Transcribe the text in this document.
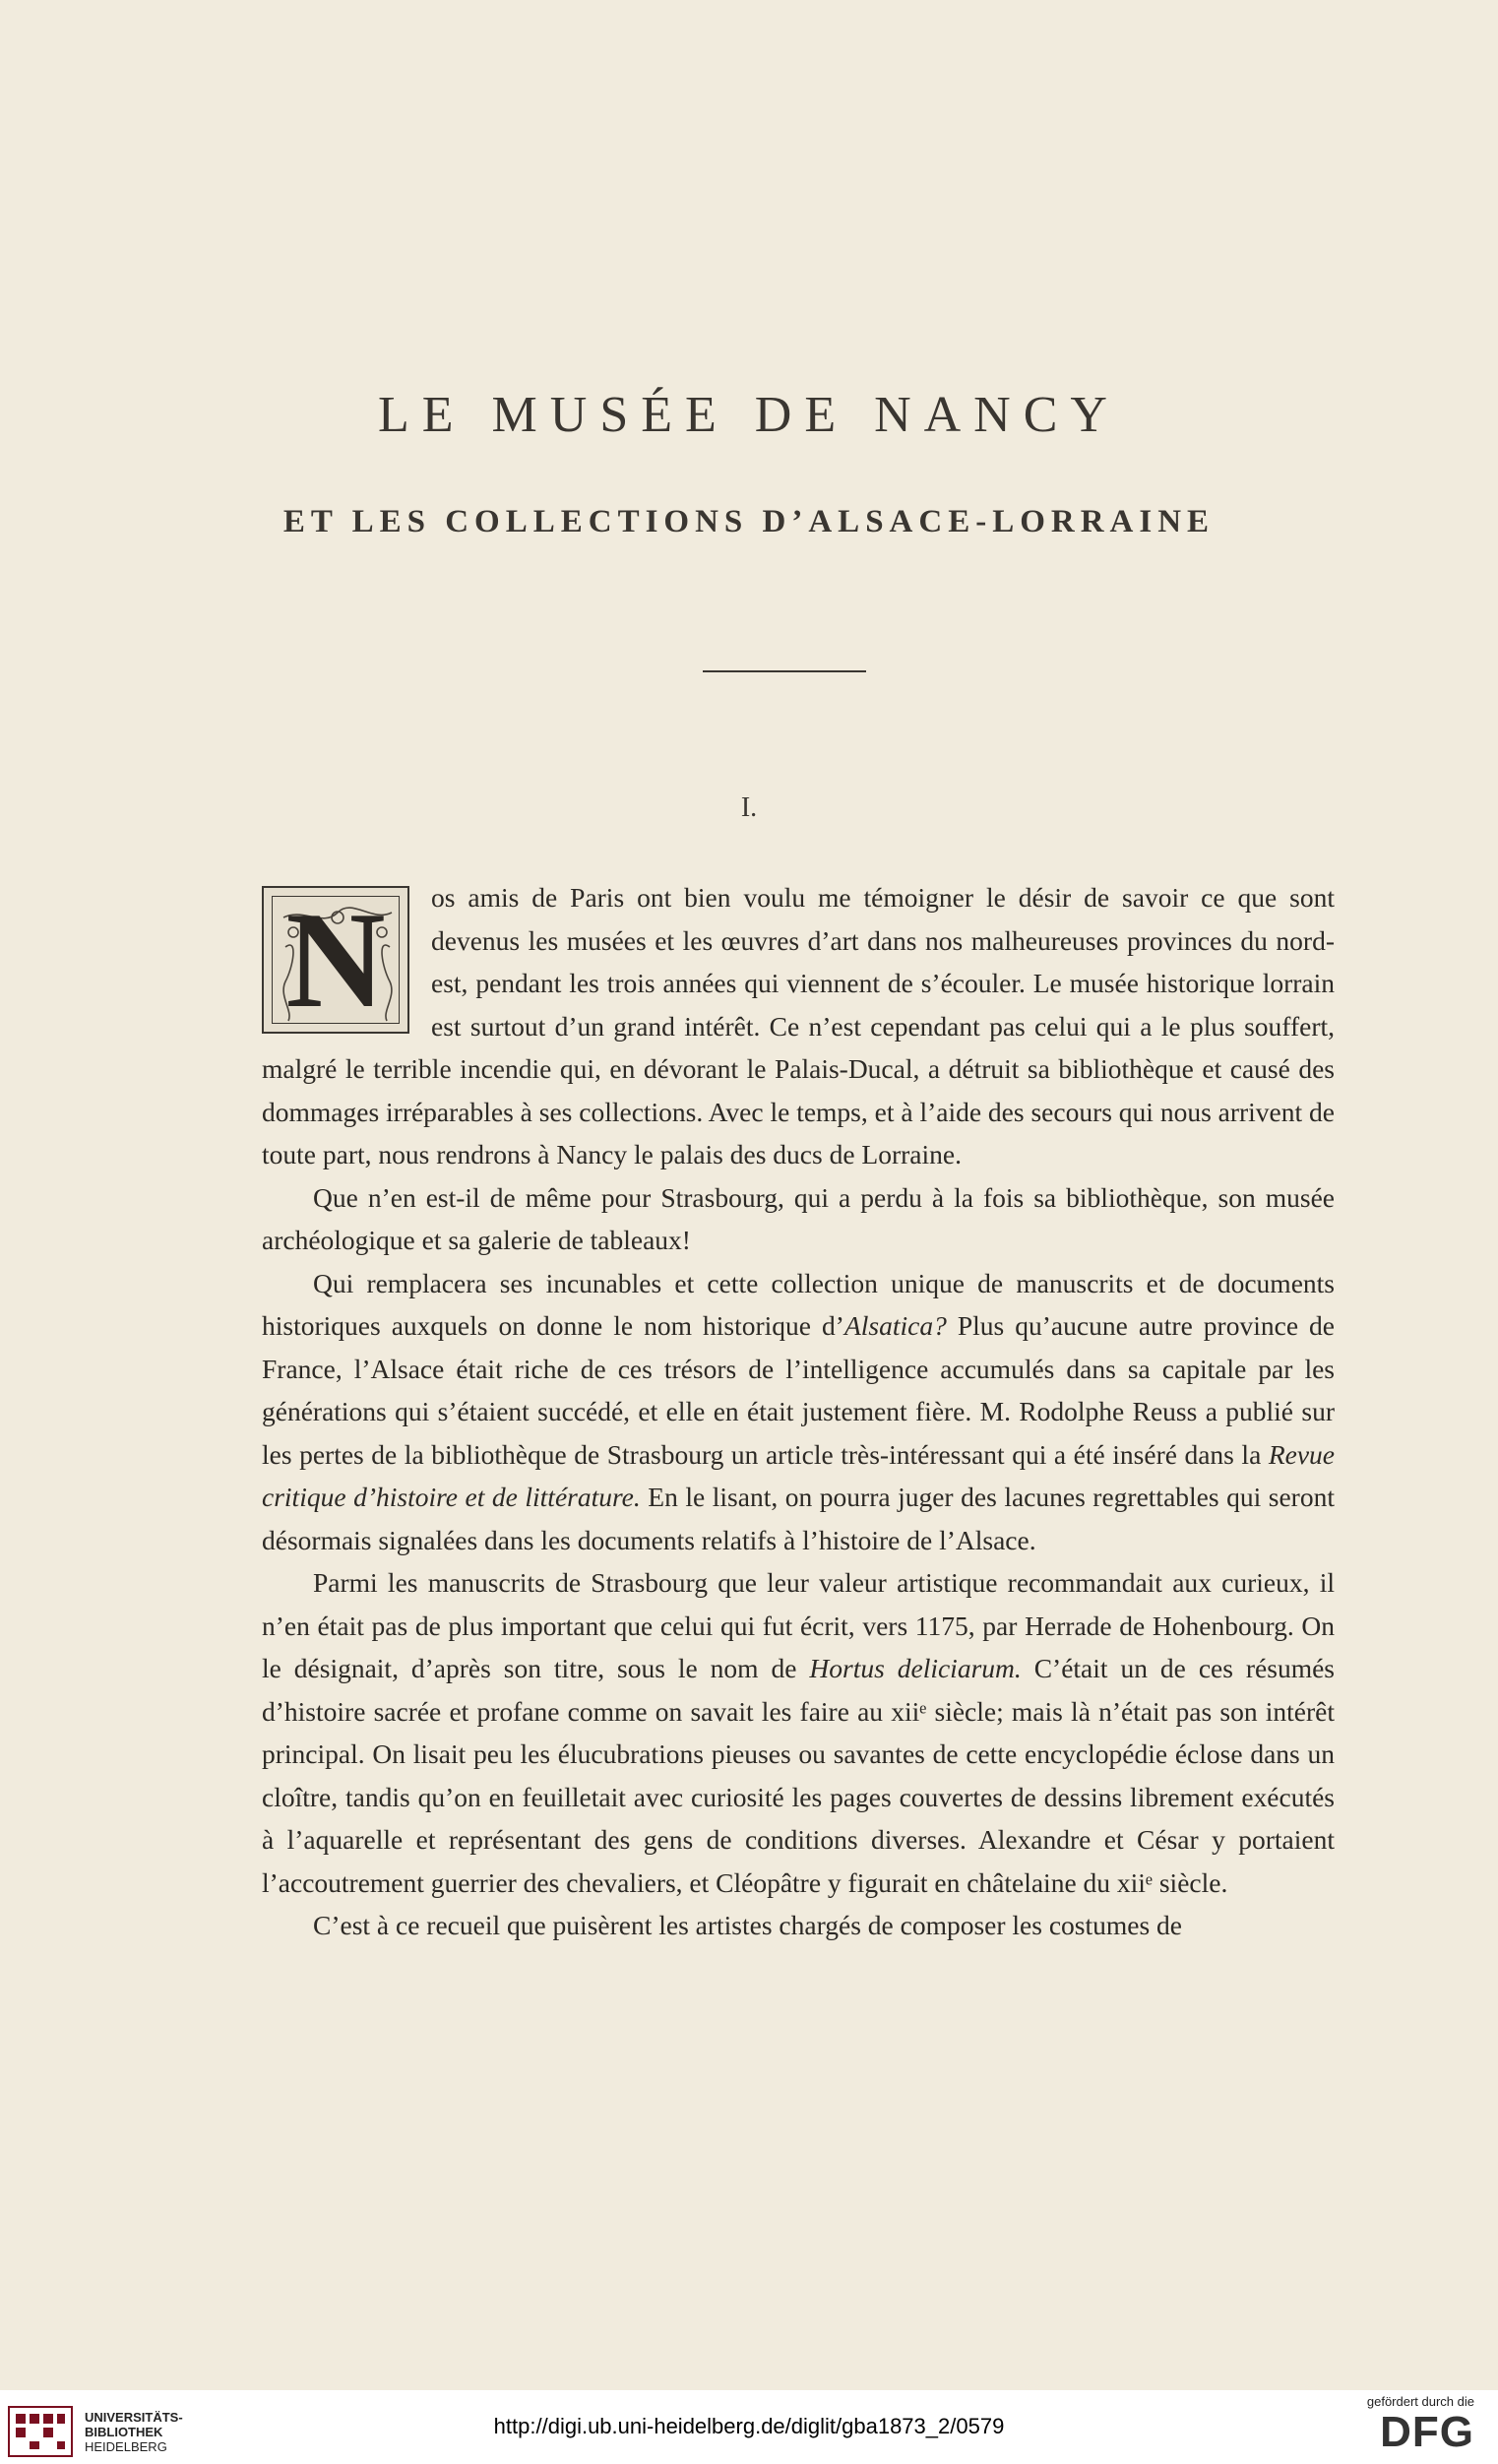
LE MUSÉE DE NANCY
ET LES COLLECTIONS D’ALSACE-LORRAINE
I.

N	os amis de Paris ont bien voulu me témoigner le désir de savoir ce que sont devenus les musées et les œuvres d’art dans nos malheureuses provinces du nord-est, pendant les trois années qui viennent de s’écouler. Le musée historique lorrain est surtout d’un grand intérêt. Ce n’est cependant pas celui qui a le plus souffert, malgré le terrible incendie qui, en dévorant le Palais-Ducal, a détruit sa bibliothèque et causé des dommages irréparables à ses collections. Avec le temps, et à l’aide des secours qui nous arrivent de toute part, nous rendrons à Nancy le palais des ducs de Lorraine.

Que n’en est-il de même pour Strasbourg, qui a perdu à la fois sa bibliothèque, son musée archéologique et sa galerie de tableaux!

Qui remplacera ses incunables et cette collection unique de manuscrits et de documents historiques auxquels on donne le nom historique d’Alsatica? Plus qu’aucune autre province de France, l’Alsace était riche de ces trésors de l’intelligence accumulés dans sa capitale par les générations qui s’étaient succédé, et elle en était justement fière. M. Rodolphe Reuss a publié sur les pertes de la bibliothèque de Strasbourg un article très-intéressant qui a été inséré dans la Revue critique d’histoire et de littérature. En le lisant, on pourra juger des lacunes regrettables qui seront désormais signalées dans les documents relatifs à l’histoire de l’Alsace.

Parmi les manuscrits de Strasbourg que leur valeur artistique recommandait aux curieux, il n’en était pas de plus important que celui qui fut écrit, vers 1175, par Herrade de Hohenbourg. On le désignait, d’après son titre, sous le nom de Hortus deliciarum. C’était un de ces résumés d’histoire sacrée et profane comme on savait les faire au xiiᵉ siècle; mais là n’était pas son intérêt principal. On lisait peu les élucubrations pieuses ou savantes de cette encyclopédie éclose dans un cloître, tandis qu’on en feuilletait avec curiosité les pages couvertes de dessins librement exécutés à l’aquarelle et représentant des gens de conditions diverses. Alexandre et César y portaient l’accoutrement guerrier des chevaliers, et Cléopâtre y figurait en châtelaine du xiiᵉ siècle.

C’est à ce recueil que puisèrent les artistes chargés de composer les costumes de

UNIVERSITÄTS-
BIBLIOTHEK
HEIDELBERG
http://digi.ub.uni-heidelberg.de/diglit/gba1873_2/0579
gefördert durch die
DFG
